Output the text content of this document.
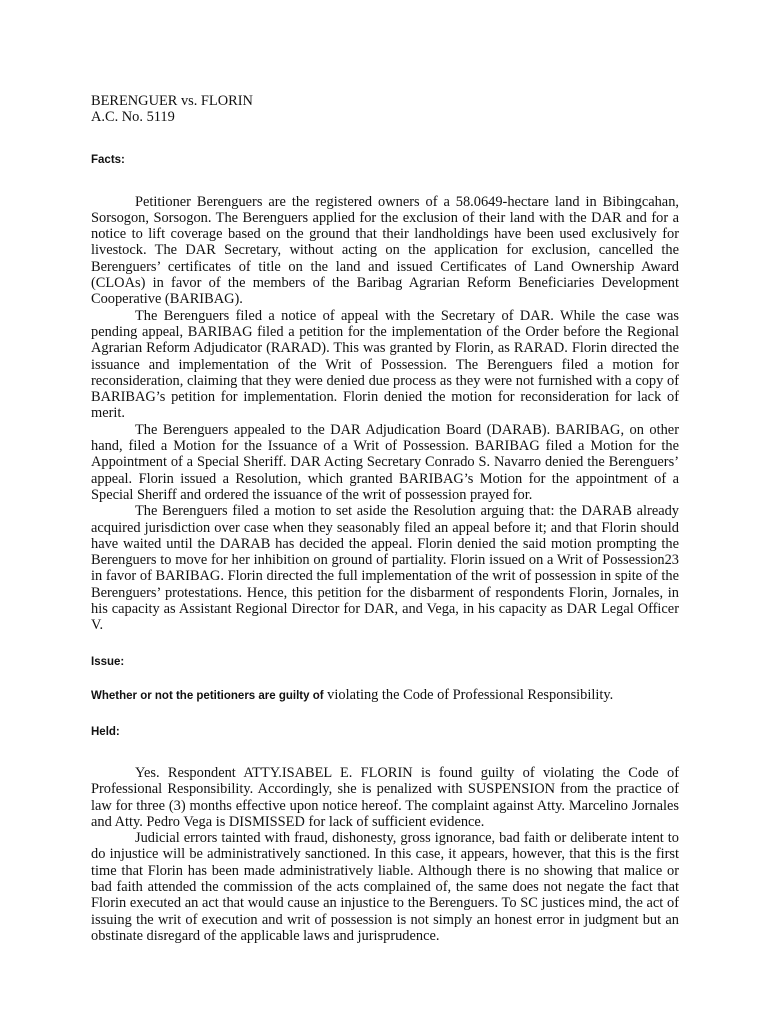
BERENGUER vs. FLORIN

A.C. No. 5119

Facts:

Petitioner Berenguers are the registered owners of a 58.0649-hectare land in Bibingcahan, Sorsogon, Sorsogon. The Berenguers applied for the exclusion of their land with the DAR and for a notice to lift coverage based on the ground that their landholdings have been used exclusively for livestock. The DAR Secretary, without acting on the application for exclusion, cancelled the Berenguers’ certificates of title on the land and issued Certificates of Land Ownership Award (CLOAs) in favor of the members of the Baribag Agrarian Reform Beneficiaries Development Cooperative (BARIBAG).

The Berenguers filed a notice of appeal with the Secretary of DAR. While the case was pending appeal, BARIBAG filed a petition for the implementation of the Order before the Regional Agrarian Reform Adjudicator (RARAD). This was granted by Florin, as RARAD. Florin directed the issuance and implementation of the Writ of Possession. The Berenguers filed a motion for reconsideration, claiming that they were denied due process as they were not furnished with a copy of BARIBAG’s petition for implementation. Florin denied the motion for reconsideration for lack of merit.

The Berenguers appealed to the DAR Adjudication Board (DARAB). BARIBAG, on other hand, filed a Motion for the Issuance of a Writ of Possession. BARIBAG filed a Motion for the Appointment of a Special Sheriff. DAR Acting Secretary Conrado S. Navarro denied the Berenguers’ appeal. Florin issued a Resolution, which granted BARIBAG’s Motion for the appointment of a Special Sheriff and ordered the issuance of the writ of possession prayed for.

The Berenguers filed a motion to set aside the Resolution arguing that: the DARAB already acquired jurisdiction over case when they seasonably filed an appeal before it; and that Florin should have waited until the DARAB has decided the appeal. Florin denied the said motion prompting the Berenguers to move for her inhibition on ground of partiality. Florin issued on a Writ of Possession23 in favor of BARIBAG. Florin directed the full implementation of the writ of possession in spite of the Berenguers’ protestations. Hence, this petition for the disbarment of respondents Florin, Jornales, in his capacity as Assistant Regional Director for DAR, and Vega, in his capacity as DAR Legal Officer V.

Issue:

Whether or not the petitioners are guilty of violating the Code of Professional Responsibility.

Held:

Yes. Respondent ATTY.ISABEL E. FLORIN is found guilty of violating the Code of Professional Responsibility. Accordingly, she is penalized with SUSPENSION from the practice of law for three (3) months effective upon notice hereof. The complaint against Atty. Marcelino Jornales and Atty. Pedro Vega is DISMISSED for lack of sufficient evidence.

Judicial errors tainted with fraud, dishonesty, gross ignorance, bad faith or deliberate intent to do injustice will be administratively sanctioned. In this case, it appears, however, that this is the first time that Florin has been made administratively liable. Although there is no showing that malice or bad faith attended the commission of the acts complained of, the same does not negate the fact that Florin executed an act that would cause an injustice to the Berenguers. To SC justices mind, the act of issuing the writ of execution and writ of possession is not simply an honest error in judgment but an obstinate disregard of the applicable laws and jurisprudence.
